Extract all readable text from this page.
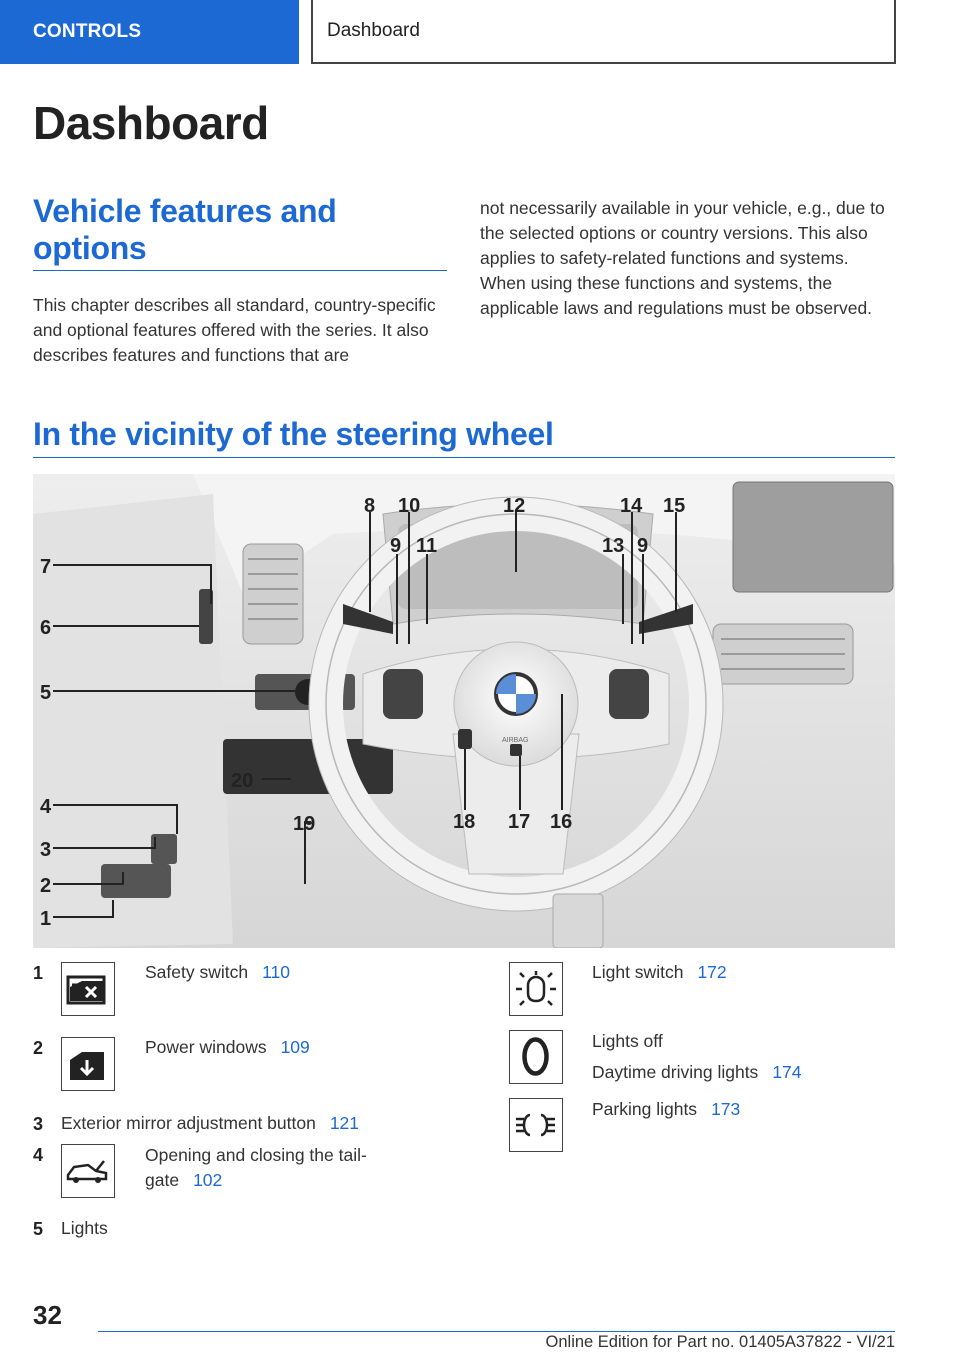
CONTROLS	Dashboard
Dashboard
Vehicle features and options

This chapter describes all standard, country-specific and optional features offered with the series. It also describes features and functions that are

not necessarily available in your vehicle, e.g., due to the selected options or country versions. This also applies to safety-related functions and systems. When using these functions and systems, the applicable laws and regulations must be observed.

In the vicinity of the steering wheel
AIRBAG
1
2
3
4
5
6
7
8
9
10
11
12
13 9
14 15
16
17
18
19
20
1	Safety switch 110
2	Power windows 109
3 Exterior mirror adjustment button 121
4	Opening and closing the tailgate 102
5 Lights
Light switch 172
Lights off
Daytime driving lights 174
Parking lights 173
32
Online Edition for Part no. 01405A37822 - VI/21
